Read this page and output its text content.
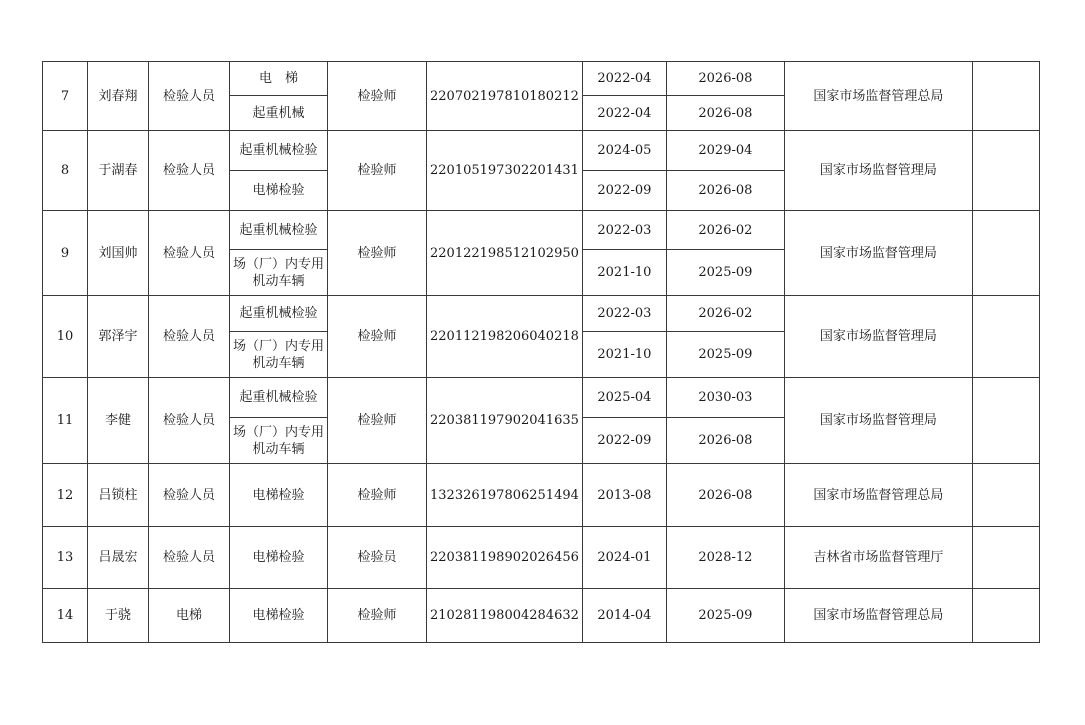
7	刘春翔	检验人员	电　梯	检验师	220702197810180212	2022-04	2026-08	国家市场监督管理总局	
			起重机械			2022-04	2026-08		
8	于湖春	检验人员	起重机械检验	检验师	220105197302201431	2024-05	2029-04	国家市场监督管理局	
			电梯检验			2022-09	2026-08		
9	刘国帅	检验人员	起重机械检验	检验师	220122198512102950	2022-03	2026-02	国家市场监督管理局	
			场（厂）内专用机动车辆			2021-10	2025-09		
10	郭泽宇	检验人员	起重机械检验	检验师	220112198206040218	2022-03	2026-02	国家市场监督管理局	
			场（厂）内专用机动车辆			2021-10	2025-09		
11	李健	检验人员	起重机械检验	检验师	220381197902041635	2025-04	2030-03	国家市场监督管理局	
			场（厂）内专用机动车辆			2022-09	2026-08		
12	吕锁柱	检验人员	电梯检验	检验师	132326197806251494	2013-08	2026-08	国家市场监督管理总局	
13	吕晟宏	检验人员	电梯检验	检验员	220381198902026456	2024-01	2028-12	吉林省市场监督管理厅	
14	于骁	电梯	电梯检验	检验师	210281198004284632	2014-04	2025-09	国家市场监督管理总局	
